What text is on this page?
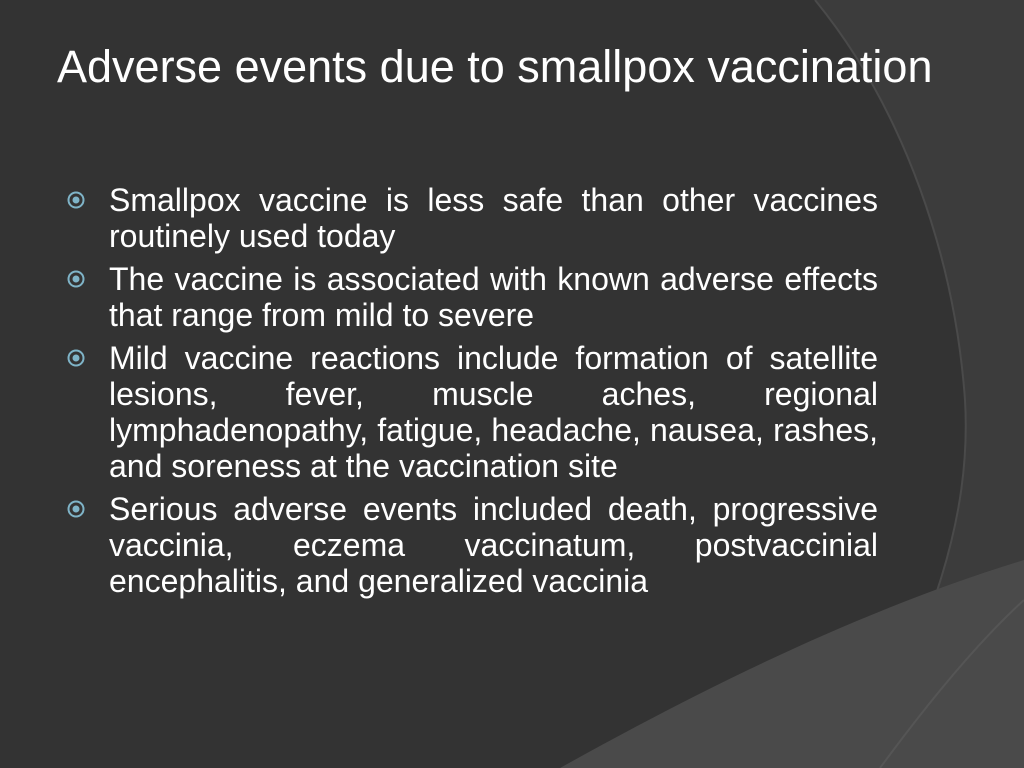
Adverse events due to smallpox vaccination
Smallpox vaccine is less safe than other vaccines routinely used today
The vaccine is associated with known adverse effects that range from mild to severe
Mild vaccine reactions include formation of satellite lesions, fever, muscle aches, regional lymphadenopathy, fatigue, headache, nausea, rashes, and soreness at the vaccination site
Serious adverse events included death, progressive vaccinia, eczema vaccinatum, postvaccinial encephalitis, and generalized vaccinia
